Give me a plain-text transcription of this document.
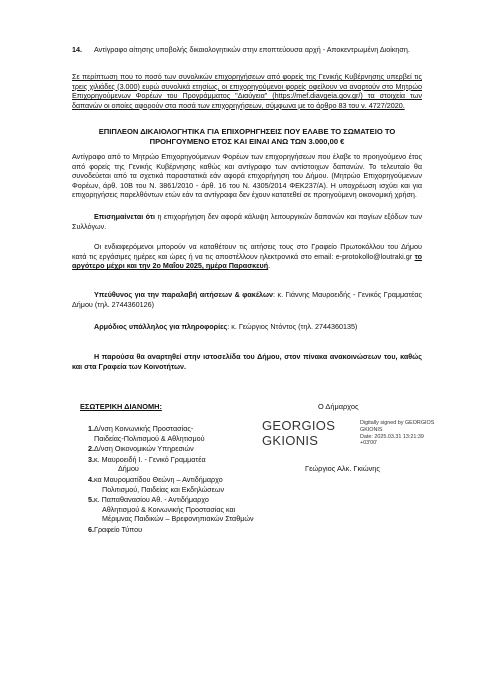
14. Αντίγραφο αίτησης υποβολής δικαιολογητικών στην εποπτεύουσα αρχή - Αποκεντρωμένη Διοίκηση.

Σε περίπτωση που το ποσό των συνολικών επιχορηγήσεων από φορείς της Γενικής Κυβέρνησης υπερβεί τις τρεις χιλιάδες (3.000) ευρώ συνολικά ετησίως, οι επιχορηγούμενοι φορείς οφείλουν να αναρτούν στο Μητρώο Επιχορηγούμενων Φορέων του Προγράμματος "Διαύγεια" (https://mef.diavgeia.gov.gr/) τα στοιχεία των δαπανών οι οποίες αφορούν στα ποσά των επιχορηγήσεων, σύμφωνα με το άρθρο 83 του ν. 4727/2020.

ΕΠΙΠΛΕΟΝ ΔΙΚΑΙΟΛΟΓΗΤΙΚΑ ΓΙΑ ΕΠΙΧΟΡΗΓΗΣΕΙΣ ΠΟΥ ΕΛΑΒΕ ΤΟ ΣΩΜΑΤΕΙΟ ΤΟ ΠΡΟΗΓΟΥΜΕΝΟ ΕΤΟΣ ΚΑΙ ΕΙΝΑΙ ΑΝΩ ΤΩΝ 3.000,00 €

Αντίγραφο από το Μητρώο Επιχορηγούμενων Φορέων των επιχορηγήσεων που έλαβε το προηγούμενο έτος από φορείς της Γενικής Κυβέρνησης καθώς και αντίγραφο των αντίστοιχων δαπανών. Το τελευταίο θα συνοδεύεται από τα σχετικά παραστατικά εάν αφορά επιχορήγηση του Δήμου. (Μητρώο Επιχορηγούμενων Φορέων, άρθ. 10Β του Ν. 3861/2010 - άρθ. 16 του Ν. 4305/2014 ΦΕΚ237/Α). Η υποχρέωση ισχύει και για επιχορηγήσεις παρελθόντων ετών εάν τα αντίγραφα δεν έχουν κατατεθεί σε προηγούμενη οικονομική χρήση.

Επισημαίνεται ότι η επιχορήγηση δεν αφορά κάλυψη λειτουργικών δαπανών και παγίων εξόδων των Συλλόγων.

Οι ενδιαφερόμενοι μπορούν να καταθέτουν τις αιτήσεις τους στο Γραφείο Πρωτοκόλλου του Δήμου κατά τις εργάσιμες ημέρες και ώρες ή να τις αποστέλλουν ηλεκτρονικά στο email: e-protokollo@loutraki.gr το αργότερο μέχρι και την 2ο Μαΐου 2025, ημέρα Παρασκευή.

Υπεύθυνος για την παραλαβή αιτήσεων & φακέλων: κ. Γιάννης Μαυροειδής - Γενικός Γραμματέας Δήμου (τηλ. 2744360126)

Αρμόδιος υπάλληλος για πληροφορίες: κ. Γεώργιος Ντόντος (τηλ. 2744360135)

Η παρούσα θα αναρτηθεί στην ιστοσελίδα του Δήμου, στον πίνακα ανακοινώσεων του, καθώς και στα Γραφεία των Κοινοτήτων.

ΕΣΩΤΕΡΙΚΗ ΔΙΑΝΟΜΗ:	Ο Δήμαρχος
GEORGIOS
GKIONIS
Digitally signed by GEORGIOS
GKIONIS
Date: 2025.03.31 13:21:39
+03'00'
Γεώργιος Αλκ. Γκιώνης
1.Δ/νση Κοινωνικής Προστασίας-
Παιδείας-Πολιτισμού & Αθλητισμού
2.Δ/νση Οικονομικών Υπηρεσιών
3.κ. Μαυροειδή Ι. - Γενικό Γραμματέα
Δήμου
4.κα Μαυροματίδου Θεώνη – Αντιδήμαρχο
Πολιτισμού, Παιδείας και Εκδηλώσεων
5.κ. Παπαθανασίου Αθ. - Αντιδήμαρχο
Αθλητισμού & Κοινωνικής Προστασίας και
Μέριμνας Παιδικών – Βρεφονηπιακών Σταθμών
6.Γραφείο Τύπου
